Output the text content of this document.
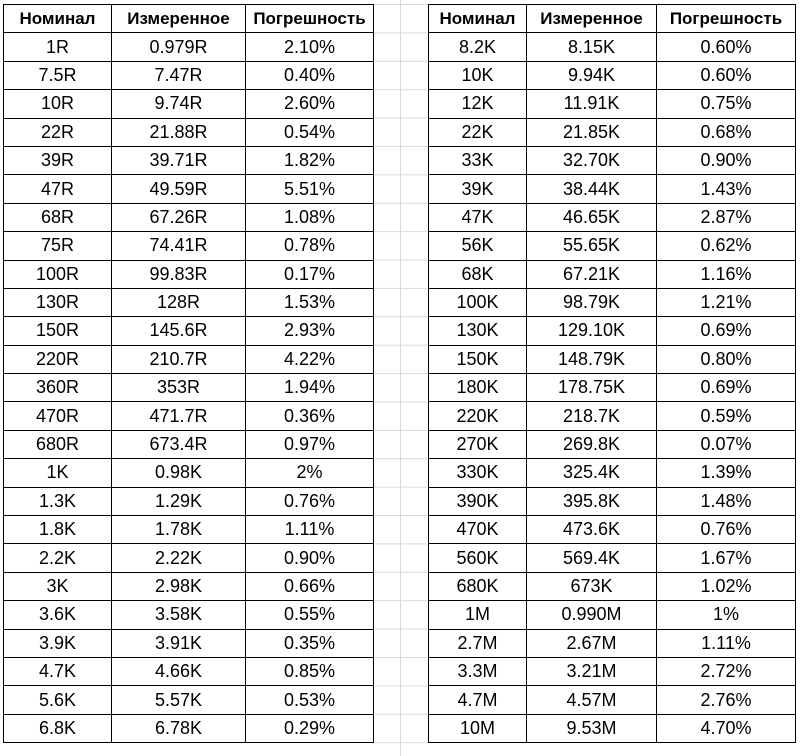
Номинал	Измеренное	Погрешность
1R	0.979R	2.10%
7.5R	7.47R	0.40%
10R	9.74R	2.60%
22R	21.88R	0.54%
39R	39.71R	1.82%
47R	49.59R	5.51%
68R	67.26R	1.08%
75R	74.41R	0.78%
100R	99.83R	0.17%
130R	128R	1.53%
150R	145.6R	2.93%
220R	210.7R	4.22%
360R	353R	1.94%
470R	471.7R	0.36%
680R	673.4R	0.97%
1K	0.98K	2%
1.3K	1.29K	0.76%
1.8K	1.78K	1.11%
2.2K	2.22K	0.90%
3K	2.98K	0.66%
3.6K	3.58K	0.55%
3.9K	3.91K	0.35%
4.7K	4.66K	0.85%
5.6K	5.57K	0.53%
6.8K	6.78K	0.29%
Номинал	Измеренное	Погрешность
8.2K	8.15K	0.60%
10K	9.94K	0.60%
12K	11.91K	0.75%
22K	21.85K	0.68%
33K	32.70K	0.90%
39K	38.44K	1.43%
47K	46.65K	2.87%
56K	55.65K	0.62%
68K	67.21K	1.16%
100K	98.79K	1.21%
130K	129.10K	0.69%
150K	148.79K	0.80%
180K	178.75K	0.69%
220K	218.7K	0.59%
270K	269.8K	0.07%
330K	325.4K	1.39%
390K	395.8K	1.48%
470K	473.6K	0.76%
560K	569.4K	1.67%
680K	673K	1.02%
1M	0.990M	1%
2.7M	2.67M	1.11%
3.3M	3.21M	2.72%
4.7M	4.57M	2.76%
10M	9.53M	4.70%
